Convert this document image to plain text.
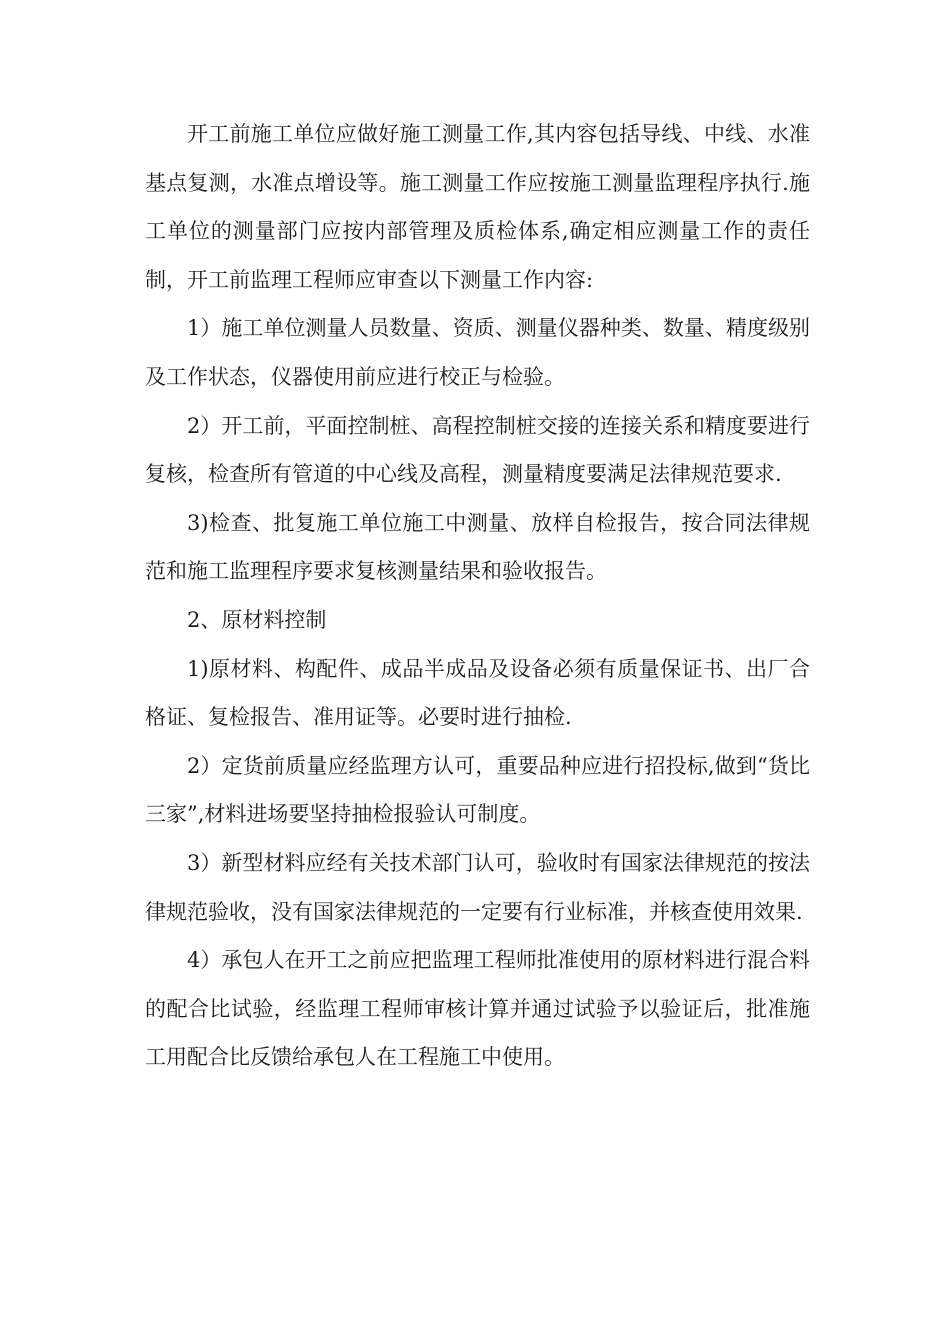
开工前施工单位应做好施工测量工作,其内容包括导线、中线、水准基点复测，水准点增设等。施工测量工作应按施工测量监理程序执行.施工单位的测量部门应按内部管理及质检体系,确定相应测量工作的责任制，开工前监理工程师应审查以下测量工作内容:

1）施工单位测量人员数量、资质、测量仪器种类、数量、精度级别及工作状态，仪器使用前应进行校正与检验。

2）开工前，平面控制桩、高程控制桩交接的连接关系和精度要进行复核，检查所有管道的中心线及高程，测量精度要满足法律规范要求.

3)检查、批复施工单位施工中测量、放样自检报告，按合同法律规范和施工监理程序要求复核测量结果和验收报告。

2、原材料控制

1)原材料、构配件、成品半成品及设备必须有质量保证书、出厂合格证、复检报告、准用证等。必要时进行抽检.

2）定货前质量应经监理方认可，重要品种应进行招投标,做到“货比三家”,材料进场要坚持抽检报验认可制度。

3）新型材料应经有关技术部门认可，验收时有国家法律规范的按法律规范验收，没有国家法律规范的一定要有行业标准，并核查使用效果.

4）承包人在开工之前应把监理工程师批准使用的原材料进行混合料的配合比试验，经监理工程师审核计算并通过试验予以验证后，批准施工用配合比反馈给承包人在工程施工中使用。
